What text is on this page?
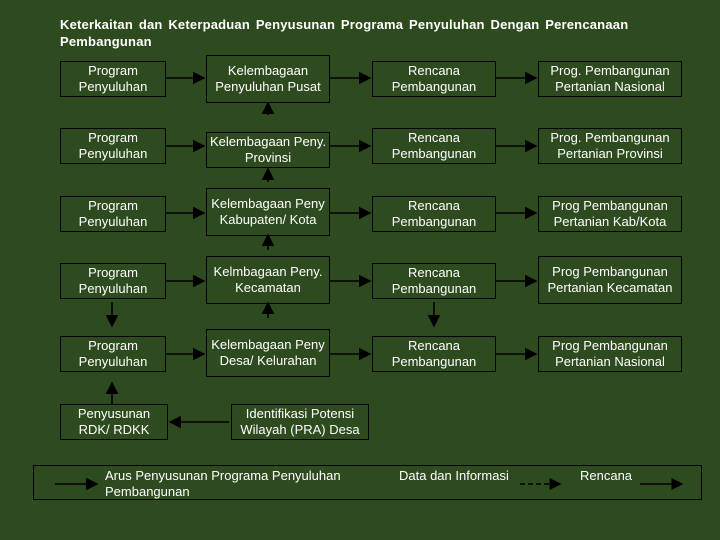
Keterkaitan dan Keterpaduan Penyusunan Programa Penyuluhan Dengan Perencanaan Pembangunan
Program Penyuluhan
Kelembagaan Penyuluhan Pusat
Rencana Pembangunan
Prog. Pembangunan Pertanian Nasional
Program Penyuluhan
Kelembagaan Peny. Provinsi
Rencana Pembangunan
Prog. Pembangunan Pertanian Provinsi
Program Penyuluhan
Kelembagaan Peny Kabupaten/ Kota
Rencana Pembangunan
Prog Pembangunan Pertanian Kab/Kota
Program Penyuluhan
Kelmbagaan Peny. Kecamatan
Rencana Pembangunan
Prog Pembangunan Pertanian Kecamatan
Program Penyuluhan
Kelembagaan Peny Desa/ Kelurahan
Rencana Pembangunan
Prog Pembangunan Pertanian Nasional
Penyusunan RDK/ RDKK
Identifikasi Potensi Wilayah (PRA) Desa
Arus Penyusunan Programa Penyuluhan Pembangunan
Data dan Informasi	Rencana
